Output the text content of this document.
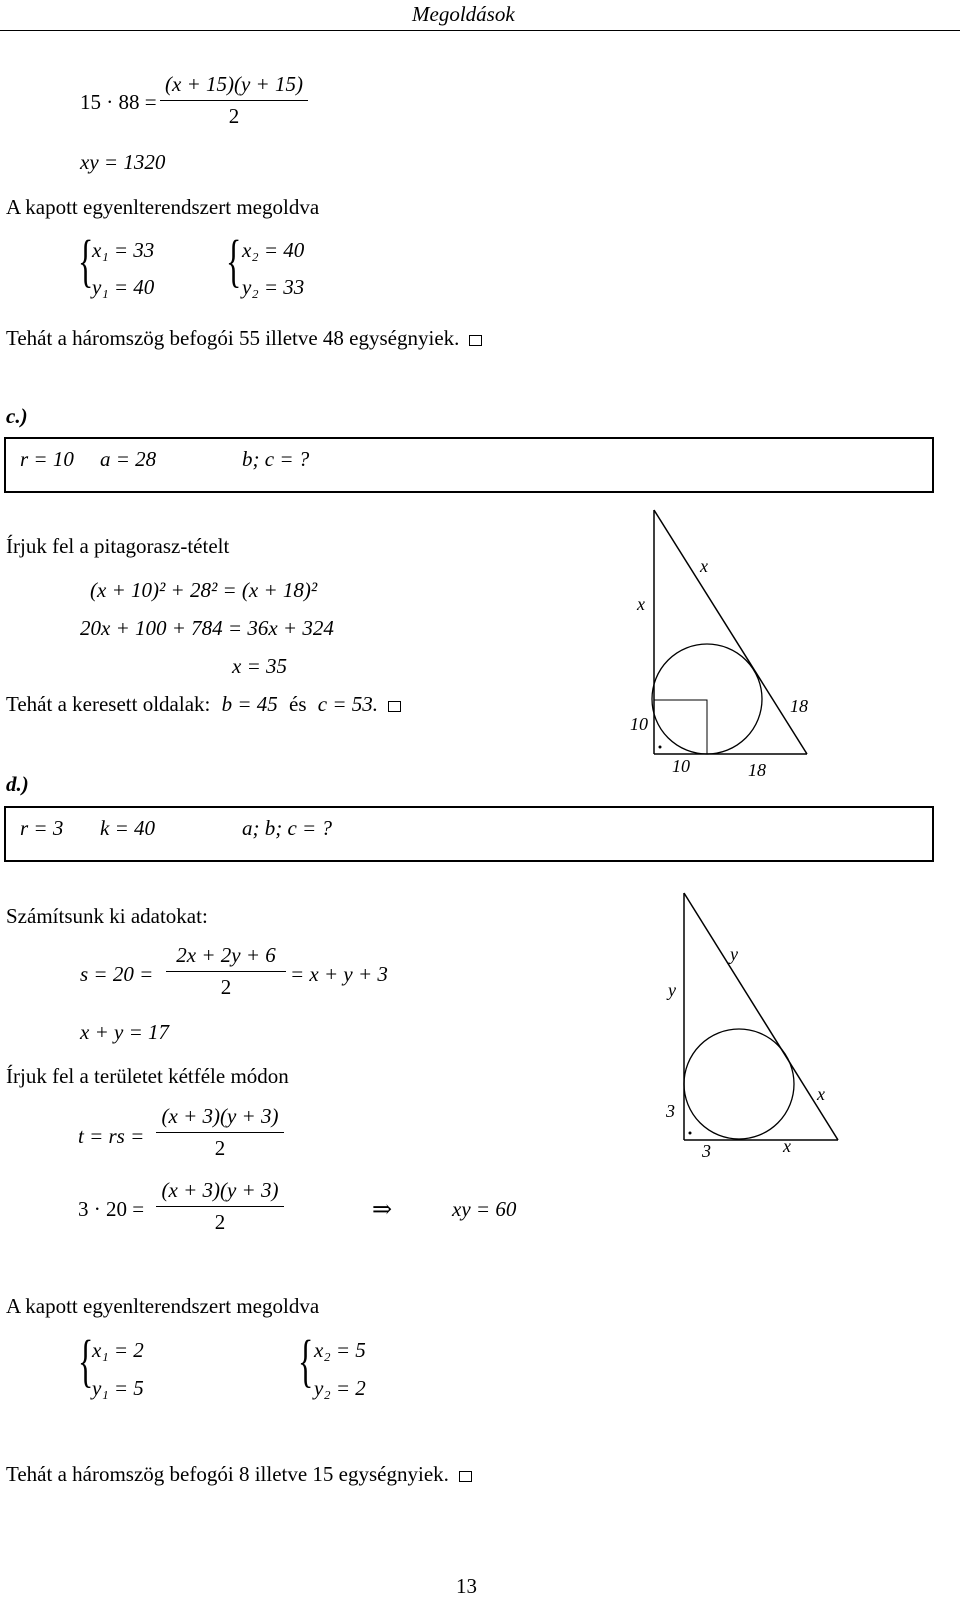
Megoldások
15 · 88 =
(x + 15)(y + 15)
2
xy = 1320
A kapott egyenlterendszert megoldva
{
x₁ = 33
y₁ = 40 { x₂ = 40
y₂ = 33
Tehát a háromszög befogói 55 illetve 48 egységnyiek.
c.)
r = 10 a = 28	b; c = ?
Írjuk fel a pitagorasz-tételt
(x + 10)² + 28² = (x + 18)²
20x + 100 + 784 = 36x + 324
x = 35
Tehát a keresett oldalak: b = 45 és c = 53.
x
x
10
18
10	18
d.)
r = 3 k = 40	a; b; c = ?
Számítsunk ki adatokat:
s = 20 =
2x + 2y + 6
2
= x + y + 3
x + y = 17
Írjuk fel a területet kétféle módon
t = rs =
(x + 3)(y + 3)
2
3 · 20 =
(x + 3)(y + 3)
2	⇒	xy = 60
A kapott egyenlterendszert megoldva
{
x₁ = 2
y₁ = 5	{ x₂ = 5
y₂ = 2
Tehát a háromszög befogói 8 illetve 15 egységnyiek.
y
y
3
x
3	x
13
